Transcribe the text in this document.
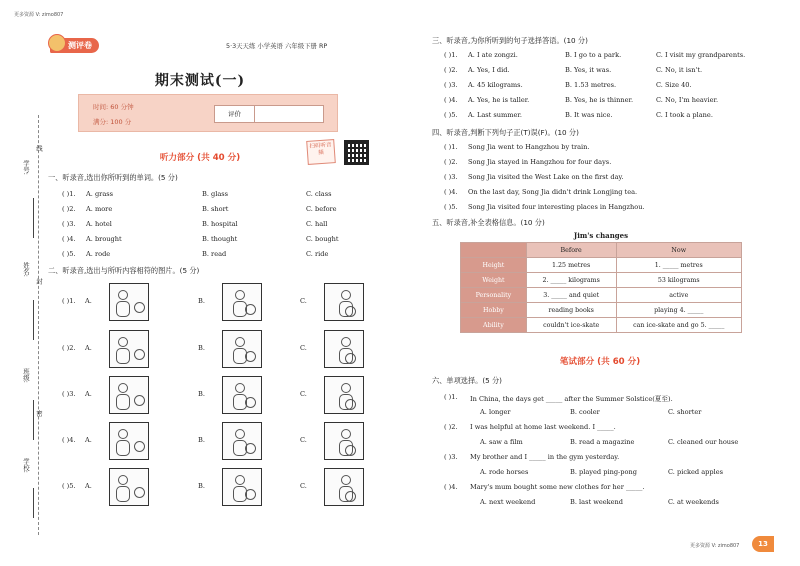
更多资源 V: zimo807
测评卷	5·3天天练 小学英语 六年级下册 RP
期末测试(一)
时间: 60 分钟
满分: 100 分
评价
扫码听音频
听力部分 (共 40 分)
学号:
姓名:
班级:
学校:
线
封
密
一、听录音,选出你所听到的单词。(5 分)
( )1. A. grass	B. glass	C. class
( )2. A. more	B. short	C. before
( )3. A. hotel	B. hospital	C. hall
( )4. A. brought	B. thought	C. bought
( )5. A. rode	B. read	C. ride
二、听录音,选出与所听内容相符的图片。(5 分)
( )1. A.	B.	C.
( )2. A.	B.	C.
( )3. A.	B.	C.
( )4. A.	B.	C.
( )5. A.	B.	C.
三、听录音,为你所听到的句子选择答语。(10 分)
( )1. A. I ate zongzi.	B. I go to a park.	C. I visit my grandparents.
( )2. A. Yes, I did.	B. Yes, it was.	C. No, it isn't.
( )3. A. 45 kilograms.	B. 1.53 metres.	C. Size 40.
( )4. A. Yes, he is taller.	B. Yes, he is thinner.	C. No, I'm heavier.
( )5. A. Last summer.	B. It was nice.	C. I took a plane.
四、听录音,判断下列句子正(T)误(F)。(10 分)
( )1. Song Jia went to Hangzhou by train.
( )2. Song Jia stayed in Hangzhou for four days.
( )3. Song Jia visited the West Lake on the first day.
( )4. On the last day, Song Jia didn't drink Longjing tea.
( )5. Song Jia visited four interesting places in Hangzhou.
五、听录音,补全表格信息。(10 分)
Jim's changes
	Before	Now
Height	1.25 metres	1. _____ metres
Weight	2. _____ kilograms	53 kilograms
Personality	3. _____ and quiet	active
Hobby	reading books	playing 4. _____
Ability	couldn't ice-skate	can ice-skate and go 5. _____
笔试部分 (共 60 分)
六、单项选择。(5 分)
( )1. In China, the days get _____ after the Summer Solstice(夏至).
A. longer	B. cooler	C. shorter
( )2. I was helpful at home last weekend. I _____.
A. saw a film	B. read a magazine	C. cleaned our house
( )3. My brother and I _____ in the gym yesterday.
A. rode horses	B. played ping-pong	C. picked apples
( )4. Mary's mum bought some new clothes for her _____.
A. next weekend	B. last weekend	C. at weekends
更多资源 V: zimo807	13
